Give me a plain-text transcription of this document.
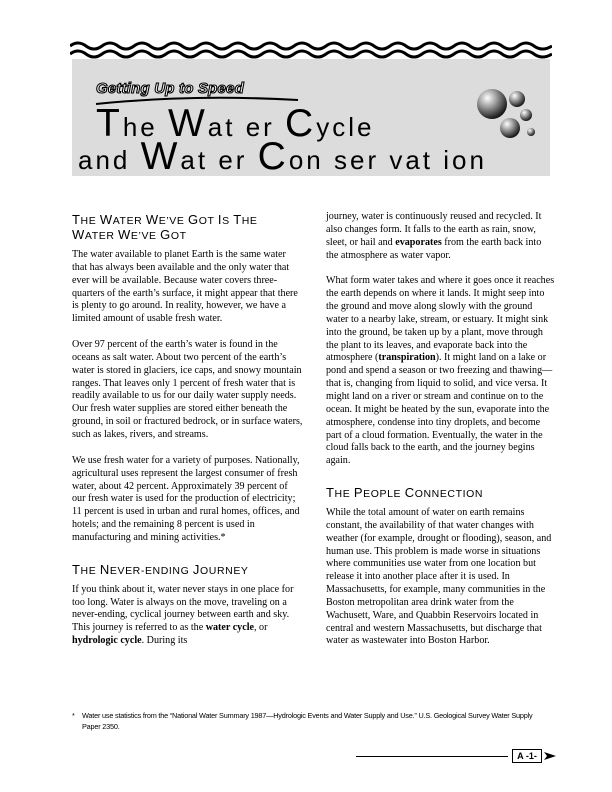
Getting Up to Speed
The Wat er Cycle
and Wat er Con ser vat ion
THE WATER WE’VE GOT IS THE WATER WE’VE GOT

The water available to planet Earth is the same water that has always been available and the only water that ever will be available. Because water covers three-quarters of the earth’s surface, it might appear that there is plenty to go around. In reality, however, we have a limited amount of usable fresh water.

Over 97 percent of the earth’s water is found in the oceans as salt water. About two percent of the earth’s water is stored in glaciers, ice caps, and snowy mountain ranges. That leaves only 1 percent of fresh water that is readily available to us for our daily water supply needs. Our fresh water supplies are stored either beneath the ground, in soil or fractured bedrock, or in surface waters, such as lakes, rivers, and streams.

We use fresh water for a variety of purposes. Nationally, agricultural uses represent the largest consumer of fresh water, about 42 percent. Approximately 39 percent of our fresh water is used for the production of electricity; 11 percent is used in urban and rural homes, offices, and hotels; and the remaining 8 percent is used in manufacturing and mining activities.*

THE NEVER-ENDING JOURNEY

If you think about it, water never stays in one place for too long. Water is always on the move, traveling on a never-ending, cyclical journey between earth and sky. This journey is referred to as the water cycle, or hydrologic cycle. During its

journey, water is continuously reused and recycled. It also changes form. It falls to the earth as rain, snow, sleet, or hail and evaporates from the earth back into the atmosphere as water vapor.

What form water takes and where it goes once it reaches the earth depends on where it lands. It might seep into the ground and move along slowly with the ground water to a nearby lake, stream, or estuary. It might sink into the ground, be taken up by a plant, move through the plant to its leaves, and evaporate back into the atmosphere (transpiration). It might land on a lake or pond and spend a season or two freezing and thawing—that is, changing from liquid to solid, and vice versa. It might land on a river or stream and continue on to the ocean. It might be heated by the sun, evaporate into the atmosphere, condense into tiny droplets, and become part of a cloud formation. Eventually, the water in the cloud falls back to the earth, and the journey begins again.

THE PEOPLE CONNECTION

While the total amount of water on earth remains constant, the availability of that water changes with weather (for example, drought or flooding), season, and human use. This problem is made worse in situations where communities use water from one location but release it into another place after it is used. In Massachusetts, for example, many communities in the Boston metropolitan area drink water from the Wachusett, Ware, and Quabbin Reservoirs located in central and western Massachusetts, but discharge that water as wastewater into Boston Harbor.

* Water use statistics from the “National Water Summary 1987—Hydrologic Events and Water Supply and Use.” U.S. Geological Survey Water Supply Paper 2350.
A -1-
